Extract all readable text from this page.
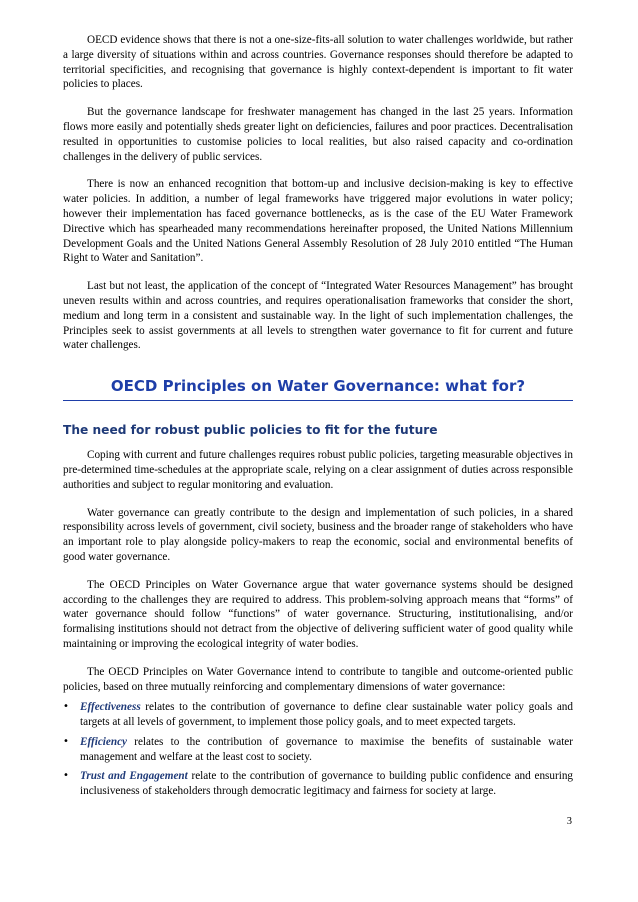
OECD evidence shows that there is not a one-size-fits-all solution to water challenges worldwide, but rather a large diversity of situations within and across countries. Governance responses should therefore be adapted to territorial specificities, and recognising that governance is highly context-dependent is important to fit water policies to places.

But the governance landscape for freshwater management has changed in the last 25 years. Information flows more easily and potentially sheds greater light on deficiencies, failures and poor practices. Decentralisation resulted in opportunities to customise policies to local realities, but also raised capacity and co-ordination challenges in the delivery of public services.

There is now an enhanced recognition that bottom-up and inclusive decision-making is key to effective water policies. In addition, a number of legal frameworks have triggered major evolutions in water policy; however their implementation has faced governance bottlenecks, as is the case of the EU Water Framework Directive which has spearheaded many recommendations hereinafter proposed, the United Nations Millennium Development Goals and the United Nations General Assembly Resolution of 28 July 2010 entitled “The Human Right to Water and Sanitation”.

Last but not least, the application of the concept of “Integrated Water Resources Management” has brought uneven results within and across countries, and requires operationalisation frameworks that consider the short, medium and long term in a consistent and sustainable way. In the light of such implementation challenges, the Principles seek to assist governments at all levels to strengthen water governance to fit for current and future water challenges.

OECD Principles on Water Governance: what for?
The need for robust public policies to fit for the future

Coping with current and future challenges requires robust public policies, targeting measurable objectives in pre-determined time-schedules at the appropriate scale, relying on a clear assignment of duties across responsible authorities and subject to regular monitoring and evaluation.

Water governance can greatly contribute to the design and implementation of such policies, in a shared responsibility across levels of government, civil society, business and the broader range of stakeholders who have an important role to play alongside policy-makers to reap the economic, social and environmental benefits of good water governance.

The OECD Principles on Water Governance argue that water governance systems should be designed according to the challenges they are required to address. This problem-solving approach means that “forms” of water governance should follow “functions” of water governance. Structuring, institutionalising, and/or formalising institutions should not detract from the objective of delivering sufficient water of good quality while maintaining or improving the ecological integrity of water bodies.

The OECD Principles on Water Governance intend to contribute to tangible and outcome-oriented public policies, based on three mutually reinforcing and complementary dimensions of water governance:

• Effectiveness relates to the contribution of governance to define clear sustainable water policy goals and targets at all levels of government, to implement those policy goals, and to meet expected targets.
• Efficiency relates to the contribution of governance to maximise the benefits of sustainable water management and welfare at the least cost to society.
• Trust and Engagement relate to the contribution of governance to building public confidence and ensuring inclusiveness of stakeholders through democratic legitimacy and fairness for society at large.
3
